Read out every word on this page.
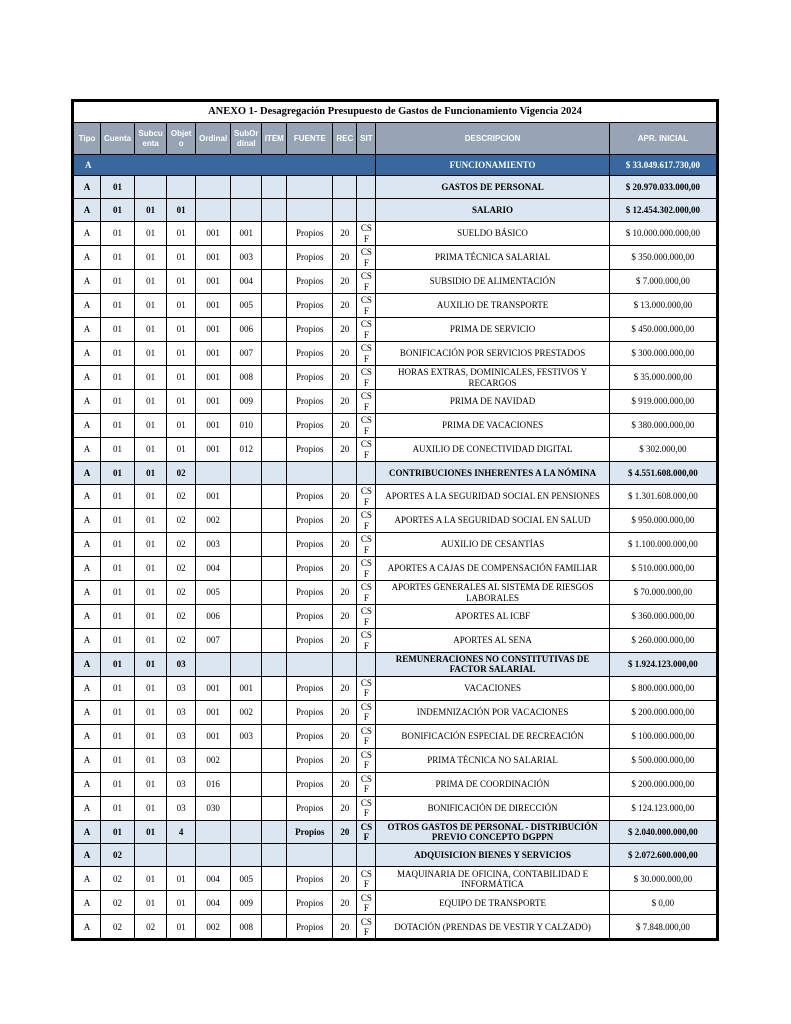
ANEXO 1- Desagregación Presupuesto de Gastos de Funcionamiento Vigencia 2024											
Tipo	Cuenta	Subcuenta	Objeto	Ordinal	SubOrdinal	ITEM	FUENTE	REC	SIT	DESCRIPCION	APR. INICIAL
A										FUNCIONAMIENTO	$ 33.049.617.730,00
A	01									GASTOS DE PERSONAL	$ 20.970.033.000,00
A	01	01	01							SALARIO	$ 12.454.302.000,00
A	01	01	01	001	001		Propios	20	CSF	SUELDO BÁSICO	$ 10.000.000.000,00
A	01	01	01	001	003		Propios	20	CSF	PRIMA TÉCNICA SALARIAL	$ 350.000.000,00
A	01	01	01	001	004		Propios	20	CSF	SUBSIDIO DE ALIMENTACIÓN	$ 7.000.000,00
A	01	01	01	001	005		Propios	20	CSF	AUXILIO DE TRANSPORTE	$ 13.000.000,00
A	01	01	01	001	006		Propios	20	CSF	PRIMA DE SERVICIO	$ 450.000.000,00
A	01	01	01	001	007		Propios	20	CSF	BONIFICACIÓN POR SERVICIOS PRESTADOS	$ 300.000.000,00
A	01	01	01	001	008		Propios	20	CSF	HORAS EXTRAS, DOMINICALES, FESTIVOS Y RECARGOS	$ 35.000.000,00
A	01	01	01	001	009		Propios	20	CSF	PRIMA DE NAVIDAD	$ 919.000.000,00
A	01	01	01	001	010		Propios	20	CSF	PRIMA DE VACACIONES	$ 380.000.000,00
A	01	01	01	001	012		Propios	20	CSF	AUXILIO DE CONECTIVIDAD DIGITAL	$ 302.000,00
A	01	01	02							CONTRIBUCIONES INHERENTES A LA NÓMINA	$ 4.551.608.000,00
A	01	01	02	001			Propios	20	CSF	APORTES A LA SEGURIDAD SOCIAL EN PENSIONES	$ 1.301.608.000,00
A	01	01	02	002			Propios	20	CSF	APORTES A LA SEGURIDAD SOCIAL EN SALUD	$ 950.000.000,00
A	01	01	02	003			Propios	20	CSF	AUXILIO DE CESANTÍAS	$ 1.100.000.000,00
A	01	01	02	004			Propios	20	CSF	APORTES A CAJAS DE COMPENSACIÓN FAMILIAR	$ 510.000.000,00
A	01	01	02	005			Propios	20	CSF	APORTES GENERALES AL SISTEMA DE RIESGOS LABORALES	$ 70.000.000,00
A	01	01	02	006			Propios	20	CSF	APORTES AL ICBF	$ 360.000.000,00
A	01	01	02	007			Propios	20	CSF	APORTES AL SENA	$ 260.000.000,00
A	01	01	03							REMUNERACIONES NO CONSTITUTIVAS DE FACTOR SALARIAL	$ 1.924.123.000,00
A	01	01	03	001	001		Propios	20	CSF	VACACIONES	$ 800.000.000,00
A	01	01	03	001	002		Propios	20	CSF	INDEMNIZACIÓN POR VACACIONES	$ 200.000.000,00
A	01	01	03	001	003		Propios	20	CSF	BONIFICACIÓN ESPECIAL DE RECREACIÓN	$ 100.000.000,00
A	01	01	03	002			Propios	20	CSF	PRIMA TÉCNICA NO SALARIAL	$ 500.000.000,00
A	01	01	03	016			Propios	20	CSF	PRIMA DE COORDINACIÓN	$ 200.000.000,00
A	01	01	03	030			Propios	20	CSF	BONIFICACIÓN DE DIRECCIÓN	$ 124.123.000,00
A	01	01	4				Propios	20	CSF	OTROS GASTOS DE PERSONAL - DISTRIBUCIÓN PREVIO CONCEPTO DGPPN	$ 2.040.000.000,00
A	02									ADQUISICION BIENES Y SERVICIOS	$ 2.072.600.000,00
A	02	01	01	004	005		Propios	20	CSF	MAQUINARIA DE OFICINA, CONTABILIDAD E INFORMÁTICA	$ 30.000.000,00
A	02	01	01	004	009		Propios	20	CSF	EQUIPO DE TRANSPORTE	$ 0,00
A	02	02	01	002	008		Propios	20	CSF	DOTACIÓN (PRENDAS DE VESTIR Y CALZADO)	$ 7.848.000,00
